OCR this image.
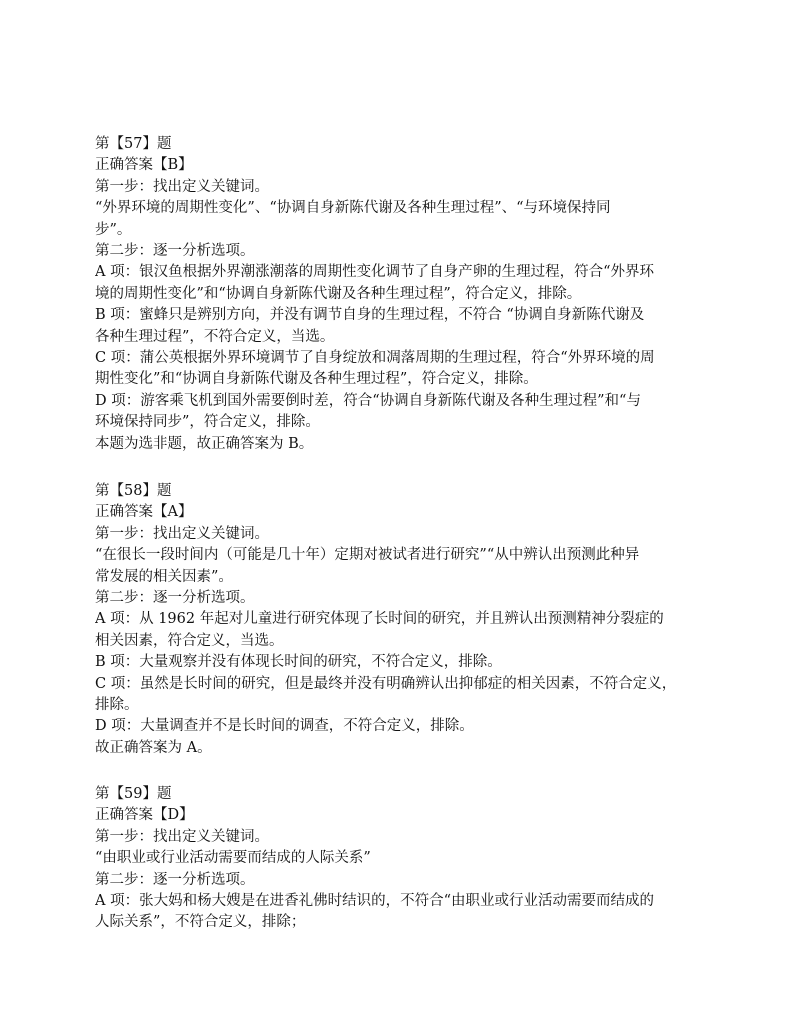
第【57】题
正确答案【B】
第一步：找出定义关键词。
“外界环境的周期性变化”、“协调自身新陈代谢及各种生理过程”、“与环境保持同
步”。
第二步：逐一分析选项。
A 项：银汉鱼根据外界潮涨潮落的周期性变化调节了自身产卵的生理过程，符合“外界环
境的周期性变化”和“协调自身新陈代谢及各种生理过程”，符合定义，排除。
B 项：蜜蜂只是辨别方向，并没有调节自身的生理过程，不符合 “协调自身新陈代谢及
各种生理过程”，不符合定义，当选。
C 项：蒲公英根据外界环境调节了自身绽放和凋落周期的生理过程，符合“外界环境的周
期性变化”和“协调自身新陈代谢及各种生理过程”，符合定义，排除。
D 项：游客乘飞机到国外需要倒时差，符合“协调自身新陈代谢及各种生理过程”和“与
环境保持同步”，符合定义，排除。
本题为选非题，故正确答案为 B。
第【58】题
正确答案【A】
第一步：找出定义关键词。
“在很长一段时间内（可能是几十年）定期对被试者进行研究”“从中辨认出预测此种异
常发展的相关因素”。
第二步：逐一分析选项。
A 项：从 1962 年起对儿童进行研究体现了长时间的研究，并且辨认出预测精神分裂症的
相关因素，符合定义，当选。
B 项：大量观察并没有体现长时间的研究，不符合定义，排除。
C 项：虽然是长时间的研究，但是最终并没有明确辨认出抑郁症的相关因素，不符合定义，
排除。
D 项：大量调查并不是长时间的调查，不符合定义，排除。
故正确答案为 A。
第【59】题
正确答案【D】
第一步：找出定义关键词。
“由职业或行业活动需要而结成的人际关系”
第二步：逐一分析选项。
A 项：张大妈和杨大嫂是在进香礼佛时结识的，不符合“由职业或行业活动需要而结成的
人际关系”，不符合定义，排除；
